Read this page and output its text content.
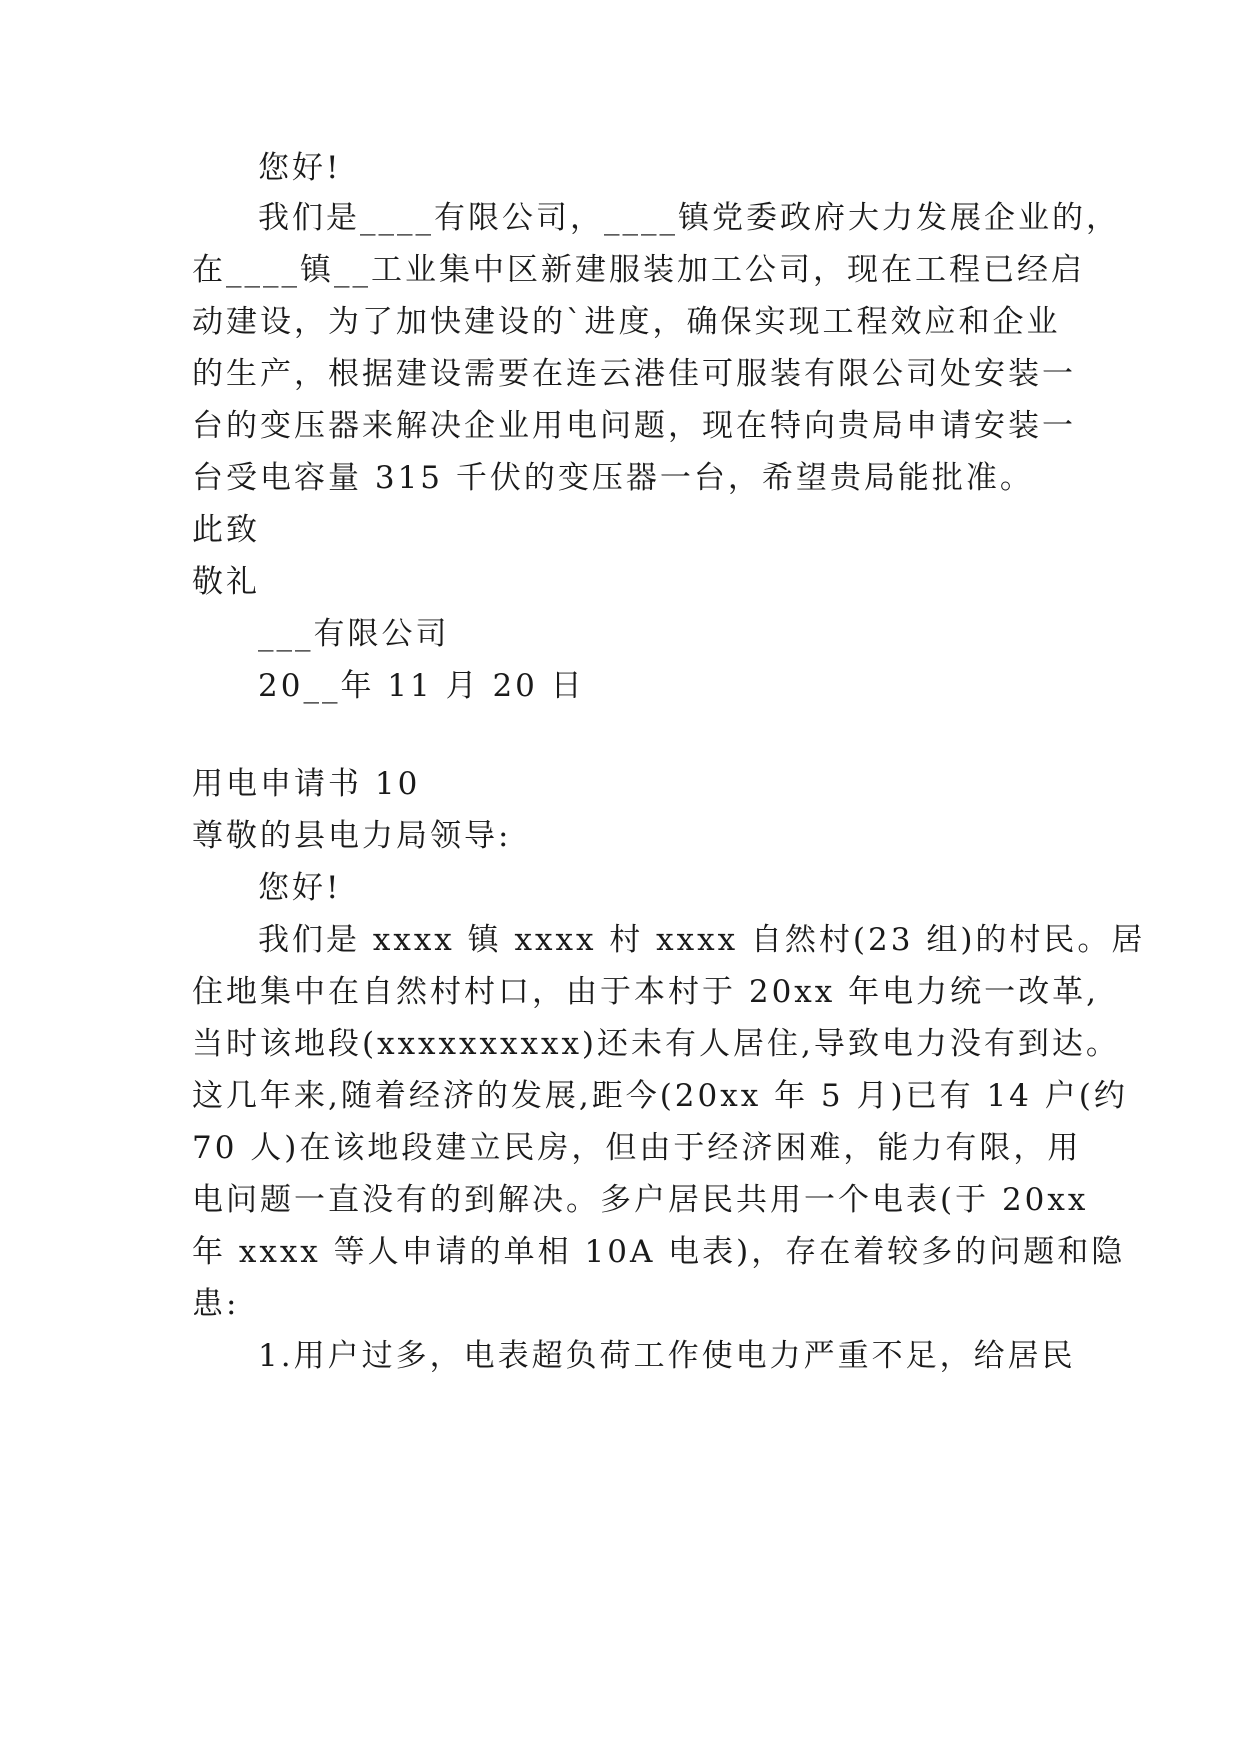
您好!
我们是____有限公司，____镇党委政府大力发展企业的，
在____镇__工业集中区新建服装加工公司，现在工程已经启
动建设，为了加快建设的`进度，确保实现工程效应和企业
的生产，根据建设需要在连云港佳可服装有限公司处安装一
台的变压器来解决企业用电问题，现在特向贵局申请安装一
台受电容量 315 千伏的变压器一台，希望贵局能批准。
此致
敬礼
___有限公司
20__年 11 月 20 日
用电申请书 10
尊敬的县电力局领导:
您好!
我们是 xxxx 镇 xxxx 村 xxxx 自然村(23 组)的村民。居
住地集中在自然村村口，由于本村于 20xx 年电力统一改革,
当时该地段(xxxxxxxxxx)还未有人居住,导致电力没有到达。
这几年来,随着经济的发展,距今(20xx 年 5 月)已有 14 户(约
70 人)在该地段建立民房，但由于经济困难，能力有限，用
电问题一直没有的到解决。多户居民共用一个电表(于 20xx
年 xxxx 等人申请的单相 10A 电表)，存在着较多的问题和隐
患:
1.用户过多，电表超负荷工作使电力严重不足，给居民
